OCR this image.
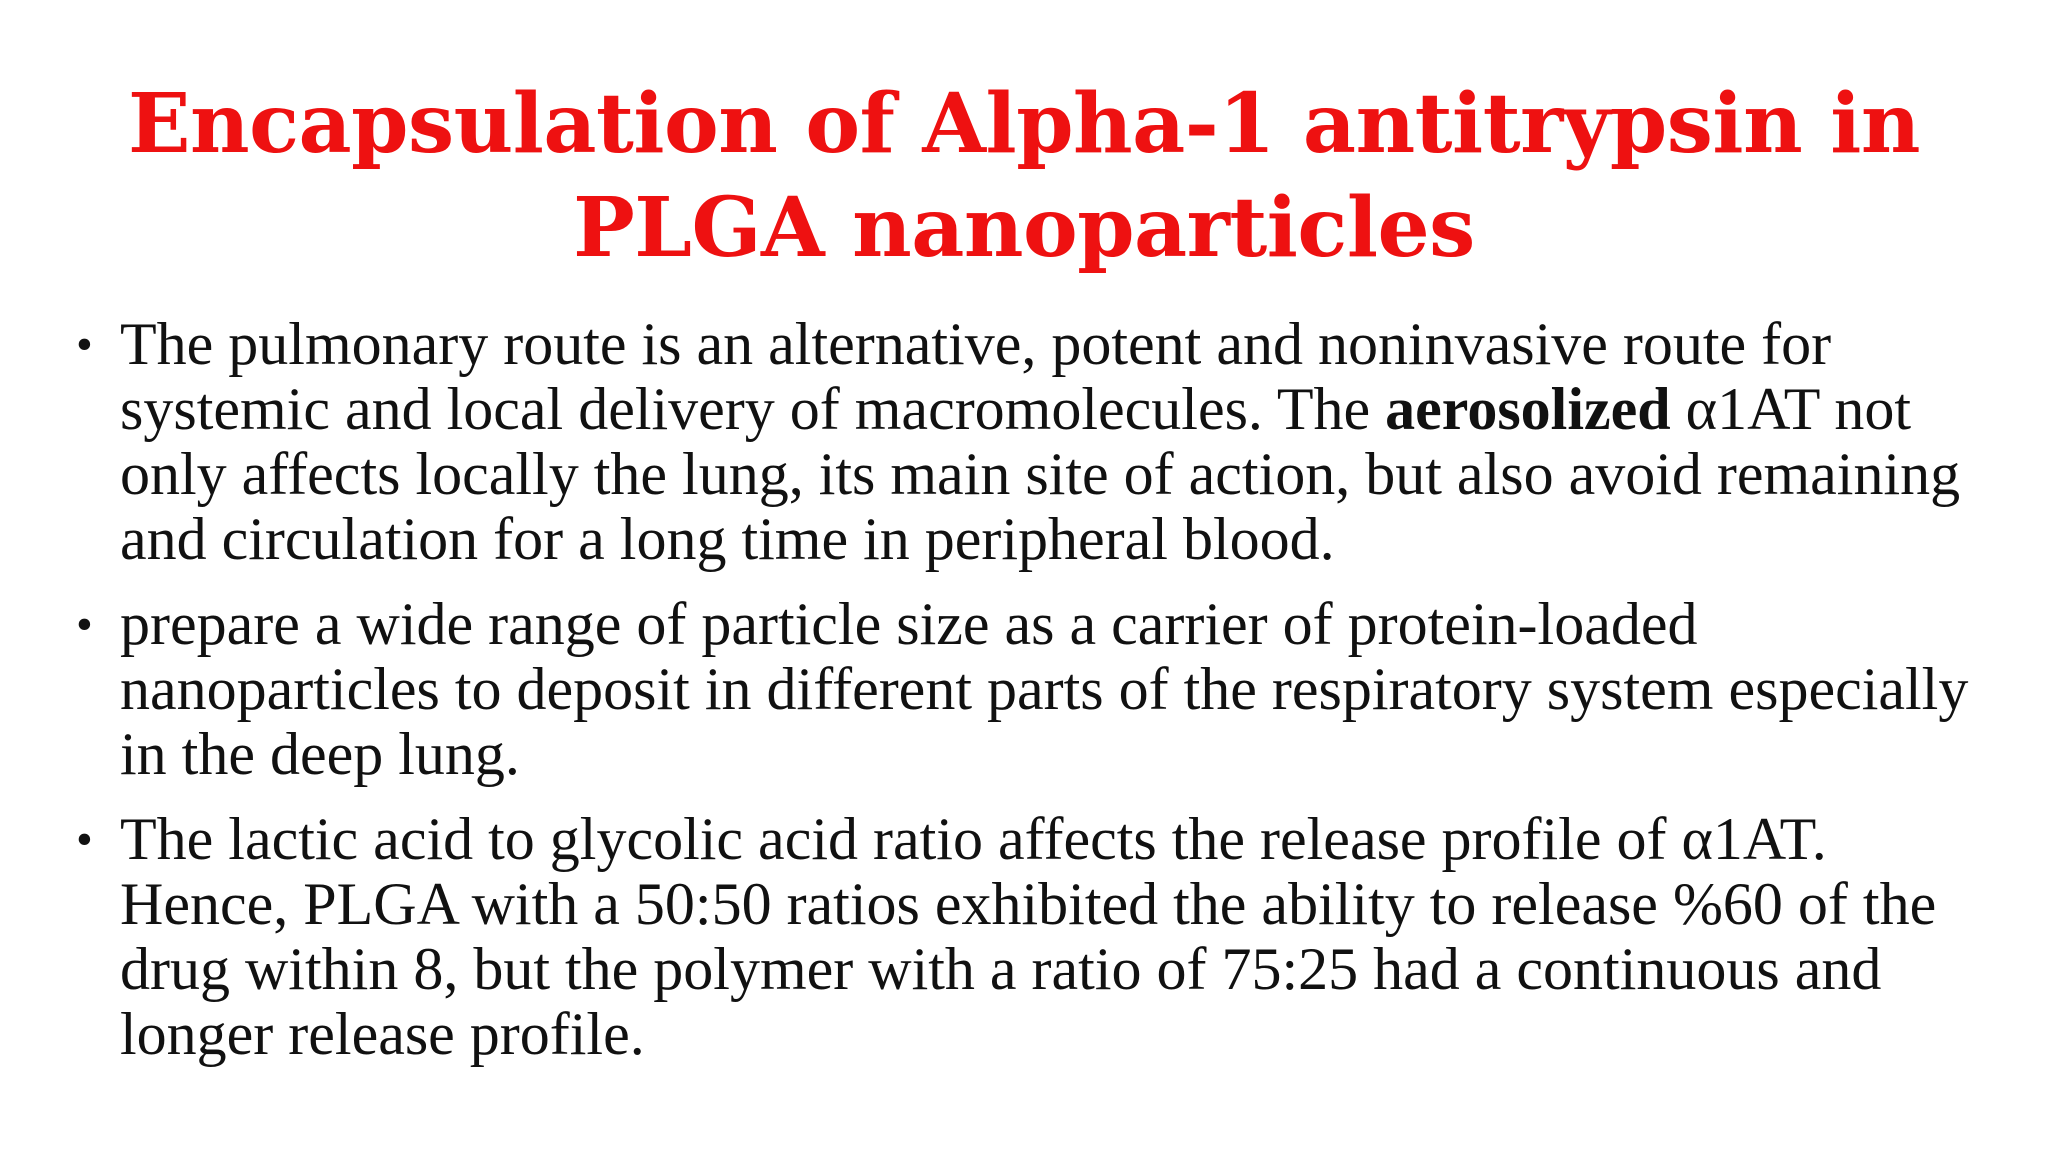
Encapsulation of Alpha-1 antitrypsin in PLGA nanoparticles
• The pulmonary route is an alternative, potent and noninvasive route for systemic and local delivery of macromolecules. The aerosolized α1AT not only affects locally the lung, its main site of action, but also avoid remaining and circulation for a long time in peripheral blood.
• prepare a wide range of particle size as a carrier of protein-loaded nanoparticles to deposit in different parts of the respiratory system especially in the deep lung.
• The lactic acid to glycolic acid ratio affects the release profile of α1AT. Hence, PLGA with a 50:50 ratios exhibited the ability to release %60 of the drug within 8, but the polymer with a ratio of 75:25 had a continuous and longer release profile.
